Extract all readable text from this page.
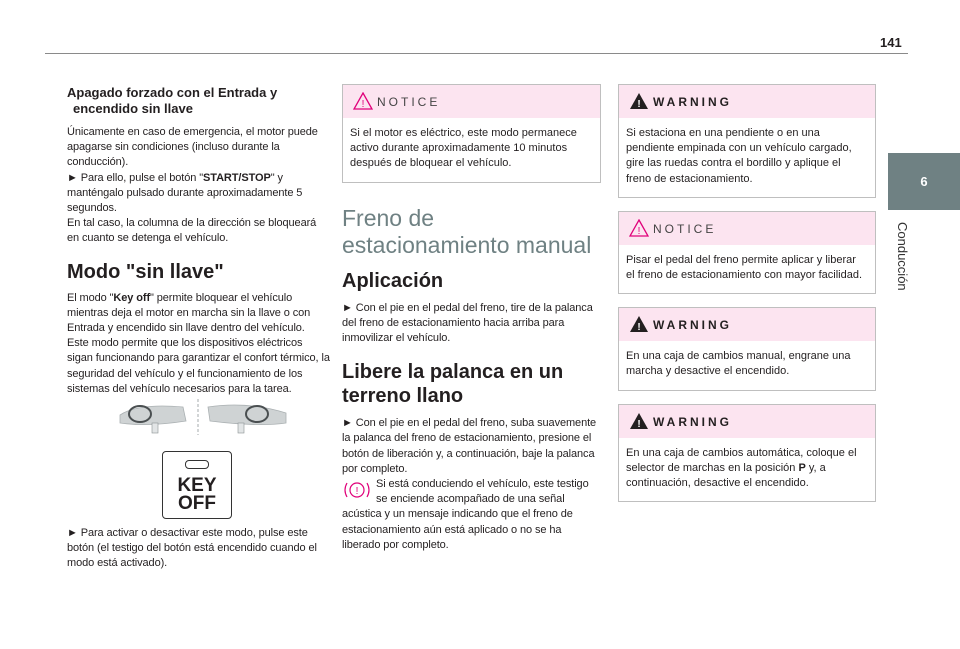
141
6
Conducción
Apagado forzado con el Entrada y
encendido sin llave

Únicamente en caso de emergencia, el motor puede apagarse sin condiciones (incluso durante la conducción).

► Para ello, pulse el botón "START/STOP" y manténgalo pulsado durante aproximadamente 5 segundos.

En tal caso, la columna de la dirección se bloqueará en cuanto se detenga el vehículo.

Modo "sin llave"

El modo "Key off" permite bloquear el vehículo mientras deja el motor en marcha sin la llave o con Entrada y encendido sin llave dentro del vehículo.

Este modo permite que los dispositivos eléctricos sigan funcionando para garantizar el confort térmico, la seguridad del vehículo y el funcionamiento de los sistemas del vehículo necesarios para la tarea.

KEY
OFF

► Para activar o desactivar este modo, pulse este botón (el testigo del botón está encendido cuando el modo está activado).

! NOTICE
Si el motor es eléctrico, este modo permanece activo durante aproximadamente 10 minutos después de bloquear el vehículo.
Freno de estacionamiento manual
Aplicación

► Con el pie en el pedal del freno, tire de la palanca del freno de estacionamiento hacia arriba para inmovilizar el vehículo.

Libere la palanca en un terreno llano

► Con el pie en el pedal del freno, suba suavemente la palanca del freno de estacionamiento, presione el botón de liberación y, a continuación, baje la palanca por completo.

!
Si está conduciendo el vehículo, este testigo se enciende acompañado de una señal acústica y un mensaje indicando que el freno de estacionamiento aún está aplicado o no se ha liberado por completo.

! WARNING
Si estaciona en una pendiente o en una pendiente empinada con un vehículo cargado, gire las ruedas contra el bordillo y aplique el freno de estacionamiento.
! NOTICE
Pisar el pedal del freno permite aplicar y liberar el freno de estacionamiento con mayor facilidad.
! WARNING
En una caja de cambios manual, engrane una marcha y desactive el encendido.
! WARNING
En una caja de cambios automática, coloque el selector de marchas en la posición P y, a continuación, desactive el encendido.
